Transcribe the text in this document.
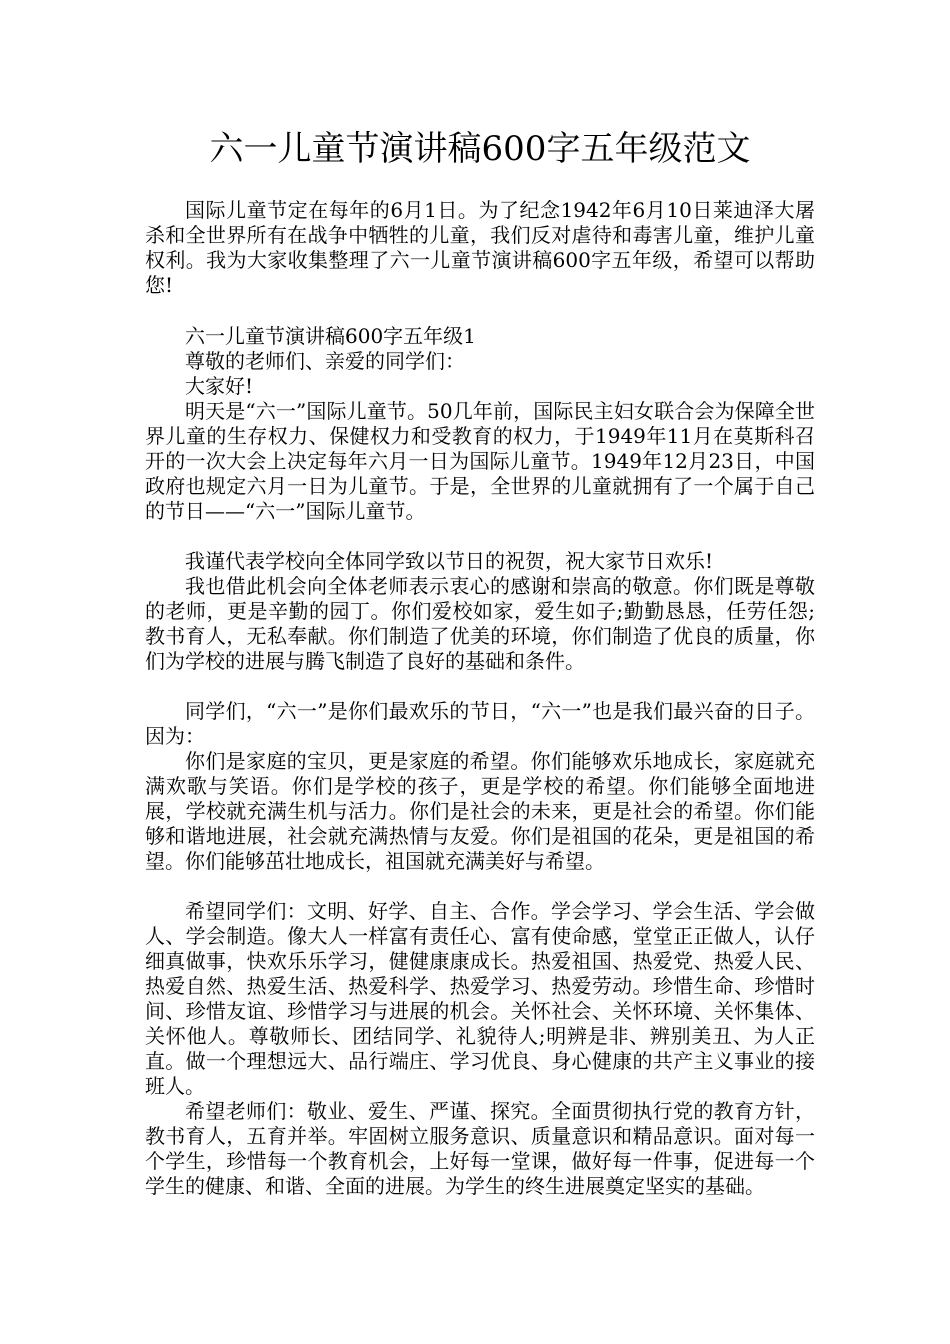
六一儿童节演讲稿600字五年级范文

国际儿童节定在每年的6月1日。为了纪念1942年6月10日莱迪泽大屠杀和全世界所有在战争中牺牲的儿童，我们反对虐待和毒害儿童，维护儿童权利。我为大家收集整理了六一儿童节演讲稿600字五年级，希望可以帮助您!

六一儿童节演讲稿600字五年级1

尊敬的老师们、亲爱的同学们：

大家好!

明天是“六一”国际儿童节。50几年前，国际民主妇女联合会为保障全世界儿童的生存权力、保健权力和受教育的权力，于1949年11月在莫斯科召开的一次大会上决定每年六月一日为国际儿童节。1949年12月23日，中国政府也规定六月一日为儿童节。于是，全世界的儿童就拥有了一个属于自己的节日——“六一”国际儿童节。

我谨代表学校向全体同学致以节日的祝贺，祝大家节日欢乐!

我也借此机会向全体老师表示衷心的感谢和崇高的敬意。你们既是尊敬的老师，更是辛勤的园丁。你们爱校如家，爱生如子;勤勤恳恳，任劳任怨;教书育人，无私奉献。你们制造了优美的环境，你们制造了优良的质量，你们为学校的进展与腾飞制造了良好的基础和条件。

同学们，“六一”是你们最欢乐的节日，“六一”也是我们最兴奋的日子。因为：

你们是家庭的宝贝，更是家庭的希望。你们能够欢乐地成长，家庭就充满欢歌与笑语。你们是学校的孩子，更是学校的希望。你们能够全面地进展，学校就充满生机与活力。你们是社会的未来，更是社会的希望。你们能够和谐地进展，社会就充满热情与友爱。你们是祖国的花朵，更是祖国的希望。你们能够茁壮地成长，祖国就充满美好与希望。

希望同学们：文明、好学、自主、合作。学会学习、学会生活、学会做人、学会制造。像大人一样富有责任心、富有使命感，堂堂正正做人，认仔细真做事，快欢乐乐学习，健健康康成长。热爱祖国、热爱党、热爱人民、热爱自然、热爱生活、热爱科学、热爱学习、热爱劳动。珍惜生命、珍惜时间、珍惜友谊、珍惜学习与进展的机会。关怀社会、关怀环境、关怀集体、关怀他人。尊敬师长、团结同学、礼貌待人;明辨是非、辨别美丑、为人正直。做一个理想远大、品行端庄、学习优良、身心健康的共产主义事业的接班人。

希望老师们：敬业、爱生、严谨、探究。全面贯彻执行党的教育方针，教书育人，五育并举。牢固树立服务意识、质量意识和精品意识。面对每一个学生，珍惜每一个教育机会，上好每一堂课，做好每一件事，促进每一个学生的健康、和谐、全面的进展。为学生的终生进展奠定坚实的基础。
